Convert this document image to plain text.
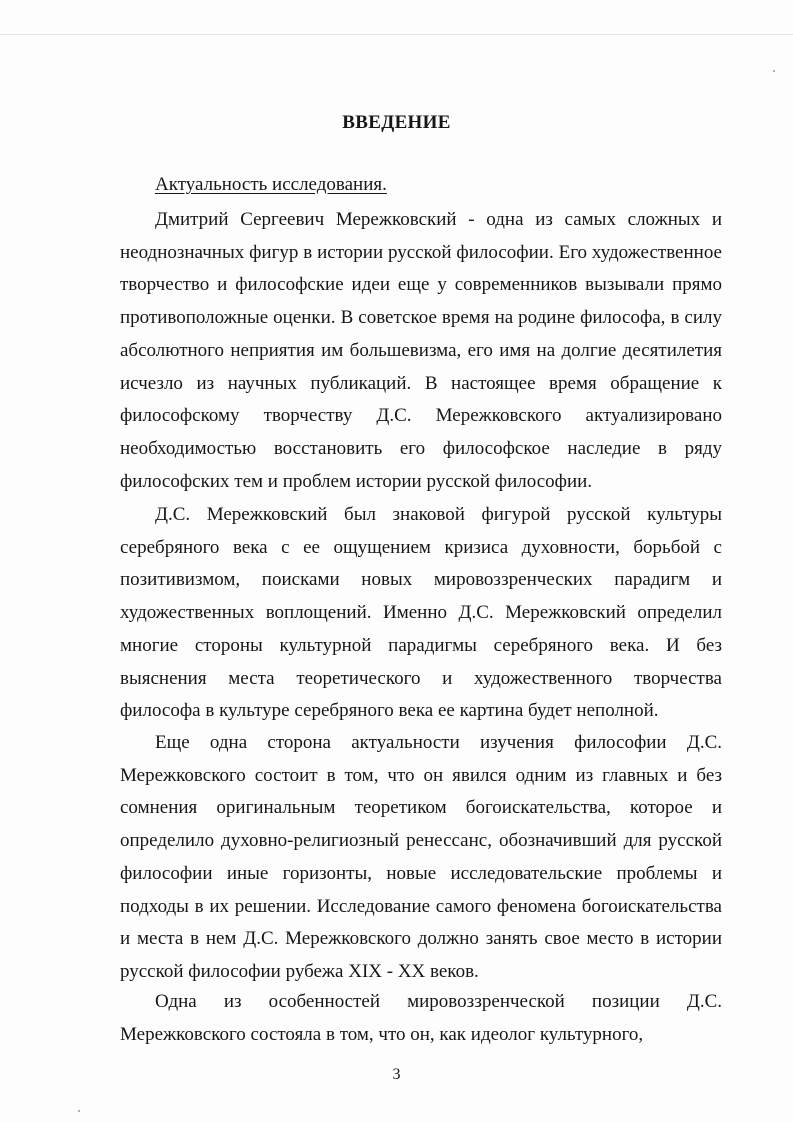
ВВЕДЕНИЕ
Актуальность исследования.

Дмитрий Сергеевич Мережковский - одна из самых сложных и неоднозначных фигур в истории русской философии. Его художественное творчество и философские идеи еще у современников вызывали прямо противоположные оценки. В советское время на родине философа, в силу абсолютного неприятия им большевизма, его имя на долгие десятилетия исчезло из научных публикаций. В настоящее время обращение к философскому творчеству Д.С. Мережковского актуализировано необходимостью восстановить его философское наследие в ряду философских тем и проблем истории русской философии.

Д.С. Мережковский был знаковой фигурой русской культуры серебряного века с ее ощущением кризиса духовности, борьбой с позитивизмом, поисками новых мировоззренческих парадигм и художественных воплощений. Именно Д.С. Мережковский определил многие стороны культурной парадигмы серебряного века. И без выяснения места теоретического и художественного творчества философа в культуре серебряного века ее картина будет неполной.

Еще одна сторона актуальности изучения философии Д.С. Мережковского состоит в том, что он явился одним из главных и без сомнения оригинальным теоретиком богоискательства, которое и определило духовно-религиозный ренессанс, обозначивший для русской философии иные горизонты, новые исследовательские проблемы и подходы в их решении. Исследование самого феномена богоискательства и места в нем Д.С. Мережковского должно занять свое место в истории русской философии рубежа XIX - XX веков.

Одна из особенностей мировоззренческой позиции Д.С. Мережковского состояла в том, что он, как идеолог культурного,

3
